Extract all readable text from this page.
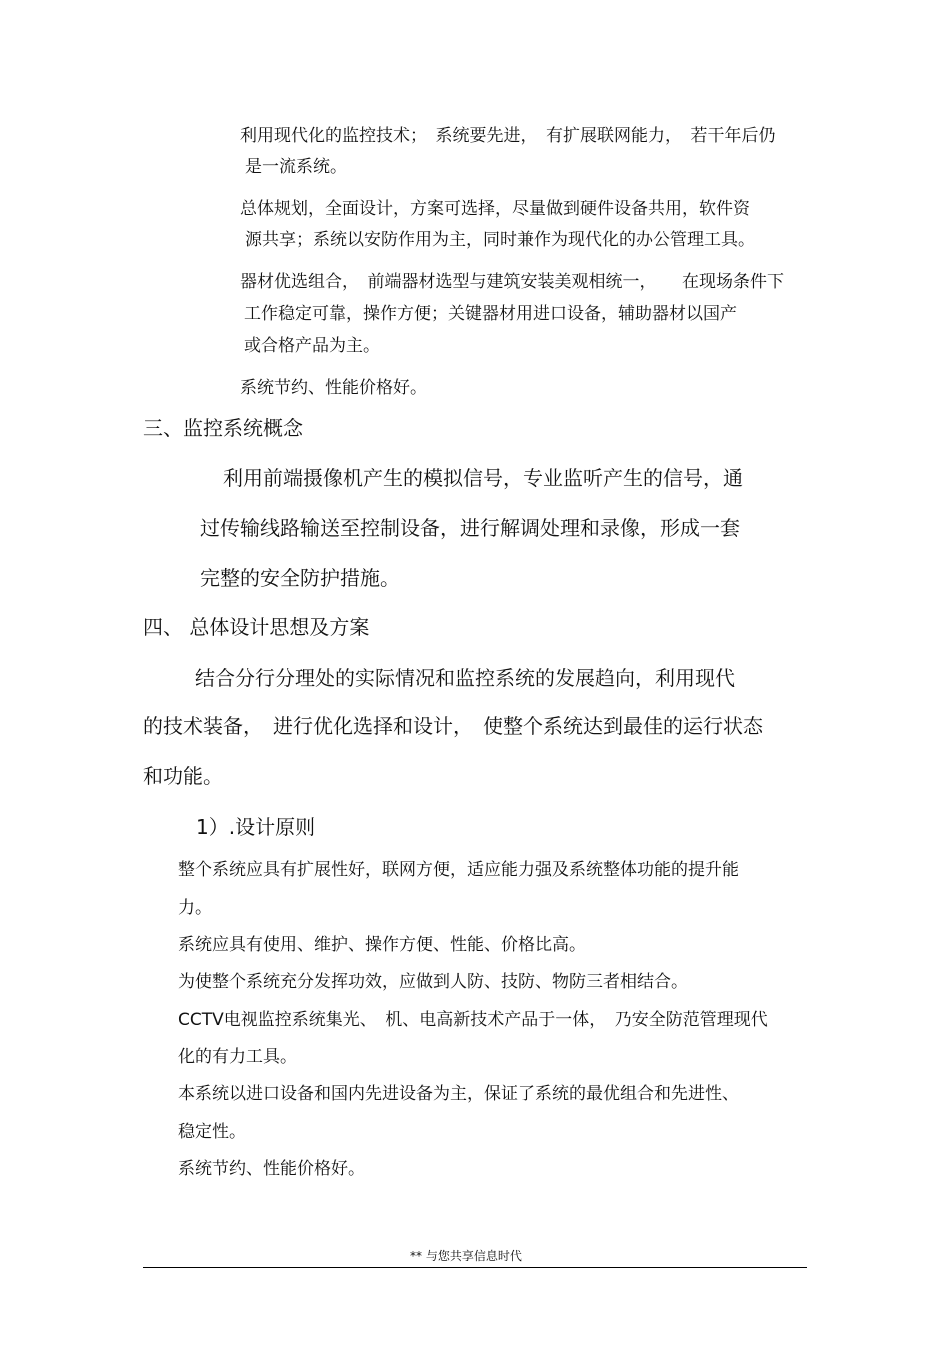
利用现代化的监控技术；　系统要先进，　有扩展联网能力，　若干年后仍
是一流系统。
总体规划，全面设计，方案可选择，尽量做到硬件设备共用，软件资
源共享；系统以安防作用为主，同时兼作为现代化的办公管理工具。
器材优选组合，　前端器材选型与建筑安装美观相统一，　　在现场条件下
工作稳定可靠，操作方便；关键器材用进口设备，辅助器材以国产
或合格产品为主。
系统节约、性能价格好。
三、监控系统概念
利用前端摄像机产生的模拟信号，专业监听产生的信号，通
过传输线路输送至控制设备，进行解调处理和录像，形成一套
完整的安全防护措施。
四、 总体设计思想及方案
结合分行分理处的实际情况和监控系统的发展趋向，利用现代
的技术装备，　进行优化选择和设计，　使整个系统达到最佳的运行状态
和功能。
1）.设计原则
整个系统应具有扩展性好，联网方便，适应能力强及系统整体功能的提升能
力。
系统应具有使用、维护、操作方便、性能、价格比高。
为使整个系统充分发挥功效，应做到人防、技防、物防三者相结合。
CCTV电视监控系统集光、　机、电高新技术产品于一体，　乃安全防范管理现代
化的有力工具。
本系统以进口设备和国内先进设备为主，保证了系统的最优组合和先进性、
稳定性。
系统节约、性能价格好。
** 与您共享信息时代
